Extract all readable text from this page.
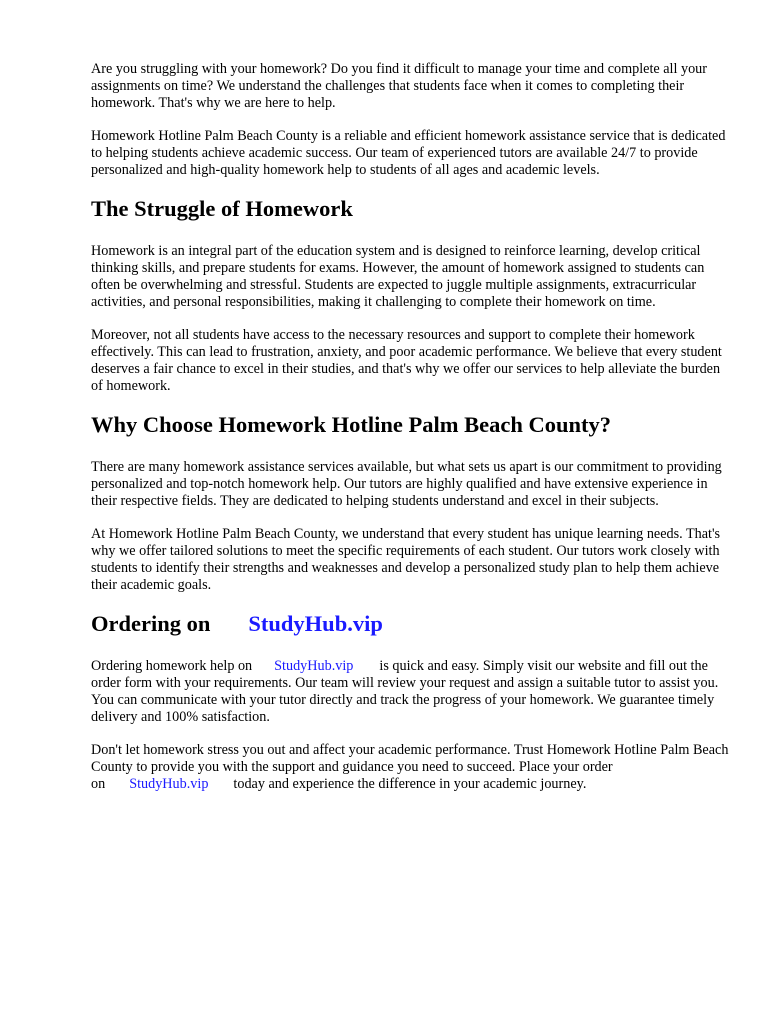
Are you struggling with your homework? Do you find it difficult to manage your time and complete all your assignments on time? We understand the challenges that students face when it comes to completing their homework. That's why we are here to help.

Homework Hotline Palm Beach County is a reliable and efficient homework assistance service that is dedicated to helping students achieve academic success. Our team of experienced tutors are available 24/7 to provide personalized and high-quality homework help to students of all ages and academic levels.

The Struggle of Homework

Homework is an integral part of the education system and is designed to reinforce learning, develop critical thinking skills, and prepare students for exams. However, the amount of homework assigned to students can often be overwhelming and stressful. Students are expected to juggle multiple assignments, extracurricular activities, and personal responsibilities, making it challenging to complete their homework on time.

Moreover, not all students have access to the necessary resources and support to complete their homework effectively. This can lead to frustration, anxiety, and poor academic performance. We believe that every student deserves a fair chance to excel in their studies, and that's why we offer our services to help alleviate the burden of homework.

Why Choose Homework Hotline Palm Beach County?

There are many homework assistance services available, but what sets us apart is our commitment to providing personalized and top-notch homework help. Our tutors are highly qualified and have extensive experience in their respective fields. They are dedicated to helping students understand and excel in their subjects.

At Homework Hotline Palm Beach County, we understand that every student has unique learning needs. That's why we offer tailored solutions to meet the specific requirements of each student. Our tutors work closely with students to identify their strengths and weaknesses and develop a personalized study plan to help them achieve their academic goals.

Ordering on StudyHub.vip

Ordering homework help on StudyHub.vip is quick and easy. Simply visit our website and fill out the order form with your requirements. Our team will review your request and assign a suitable tutor to assist you. You can communicate with your tutor directly and track the progress of your homework. We guarantee timely delivery and 100% satisfaction.

Don't let homework stress you out and affect your academic performance. Trust Homework Hotline Palm Beach County to provide you with the support and guidance you need to succeed. Place your order on StudyHub.vip today and experience the difference in your academic journey.
